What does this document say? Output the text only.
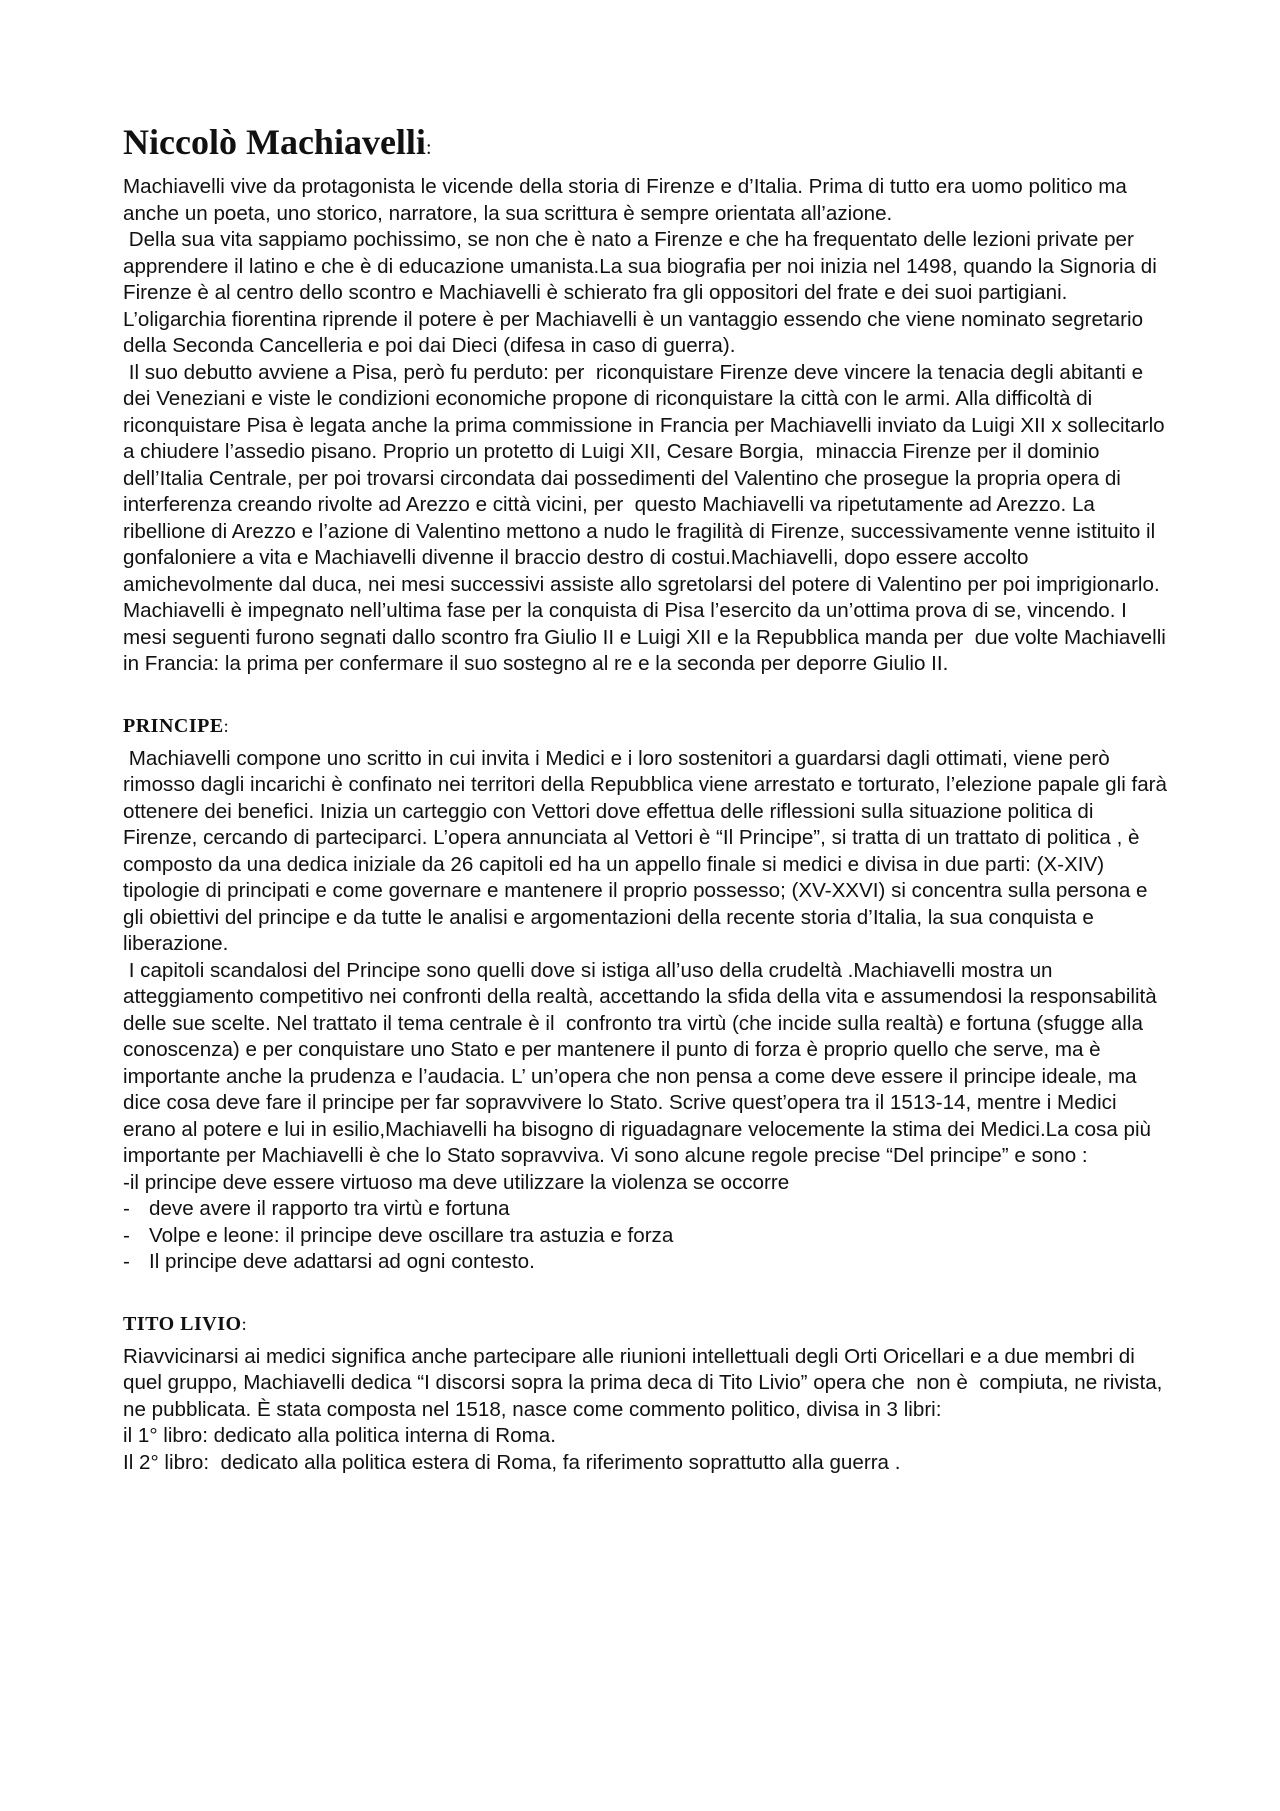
Niccolò Machiavelli:

Machiavelli vive da protagonista le vicende della storia di Firenze e d’Italia. Prima di tutto era uomo politico ma anche un poeta, uno storico, narratore, la sua scrittura è sempre orientata all’azione.

Della sua vita sappiamo pochissimo, se non che è nato a Firenze e che ha frequentato delle lezioni private per apprendere il latino e che è di educazione umanista.La sua biografia per noi inizia nel 1498, quando la Signoria di Firenze è al centro dello scontro e Machiavelli è schierato fra gli oppositori del frate e dei suoi partigiani. L’oligarchia fiorentina riprende il potere è per Machiavelli è un vantaggio essendo che viene nominato segretario della Seconda Cancelleria e poi dai Dieci (difesa in caso di guerra).

Il suo debutto avviene a Pisa, però fu perduto: per  riconquistare Firenze deve vincere la tenacia degli abitanti e dei Veneziani e viste le condizioni economiche propone di riconquistare la città con le armi. Alla difficoltà di riconquistare Pisa è legata anche la prima commissione in Francia per Machiavelli inviato da Luigi XII x sollecitarlo a chiudere l’assedio pisano. Proprio un protetto di Luigi XII, Cesare Borgia,  minaccia Firenze per il dominio dell’Italia Centrale, per poi trovarsi circondata dai possedimenti del Valentino che prosegue la propria opera di interferenza creando rivolte ad Arezzo e città vicini, per  questo Machiavelli va ripetutamente ad Arezzo. La ribellione di Arezzo e l’azione di Valentino mettono a nudo le fragilità di Firenze, successivamente venne istituito il gonfaloniere a vita e Machiavelli divenne il braccio destro di costui.Machiavelli, dopo essere accolto amichevolmente dal duca, nei mesi successivi assiste allo sgretolarsi del potere di Valentino per poi imprigionarlo. Machiavelli è impegnato nell’ultima fase per la conquista di Pisa l’esercito da un’ottima prova di se, vincendo. I mesi seguenti furono segnati dallo scontro fra Giulio II e Luigi XII e la Repubblica manda per  due volte Machiavelli in Francia: la prima per confermare il suo sostegno al re e la seconda per deporre Giulio II.

PRINCIPE:

Machiavelli compone uno scritto in cui invita i Medici e i loro sostenitori a guardarsi dagli ottimati, viene però rimosso dagli incarichi è confinato nei territori della Repubblica viene arrestato e torturato, l’elezione papale gli farà ottenere dei benefici. Inizia un carteggio con Vettori dove effettua delle riflessioni sulla situazione politica di Firenze, cercando di parteciparci. L’opera annunciata al Vettori è “Il Principe”, si tratta di un trattato di politica , è composto da una dedica iniziale da 26 capitoli ed ha un appello finale si medici e divisa in due parti: (X-XIV) tipologie di principati e come governare e mantenere il proprio possesso; (XV-XXVI) si concentra sulla persona e gli obiettivi del principe e da tutte le analisi e argomentazioni della recente storia d’Italia, la sua conquista e liberazione.

I capitoli scandalosi del Principe sono quelli dove si istiga all’uso della crudeltà .Machiavelli mostra un atteggiamento competitivo nei confronti della realtà, accettando la sfida della vita e assumendosi la responsabilità delle sue scelte. Nel trattato il tema centrale è il  confronto tra virtù (che incide sulla realtà) e fortuna (sfugge alla conoscenza) e per conquistare uno Stato e per mantenere il punto di forza è proprio quello che serve, ma è importante anche la prudenza e l’audacia. L’ un’opera che non pensa a come deve essere il principe ideale, ma dice cosa deve fare il principe per far sopravvivere lo Stato. Scrive quest’opera tra il 1513-14, mentre i Medici erano al potere e lui in esilio,Machiavelli ha bisogno di riguadagnare velocemente la stima dei Medici.La cosa più importante per Machiavelli è che lo Stato sopravviva. Vi sono alcune regole precise “Del principe” e sono :

-il principe deve essere virtuoso ma deve utilizzare la violenza se occorre

- deve avere il rapporto tra virtù e fortuna
- Volpe e leone: il principe deve oscillare tra astuzia e forza
- Il principe deve adattarsi ad ogni contesto.
TITO LIVIO:

Riavvicinarsi ai medici significa anche partecipare alle riunioni intellettuali degli Orti Oricellari e a due membri di quel gruppo, Machiavelli dedica “I discorsi sopra la prima deca di Tito Livio” opera che  non è  compiuta, ne rivista, ne pubblicata. È stata composta nel 1518, nasce come commento politico, divisa in 3 libri:

il 1° libro: dedicato alla politica interna di Roma.

Il 2° libro:  dedicato alla politica estera di Roma, fa riferimento soprattutto alla guerra .
